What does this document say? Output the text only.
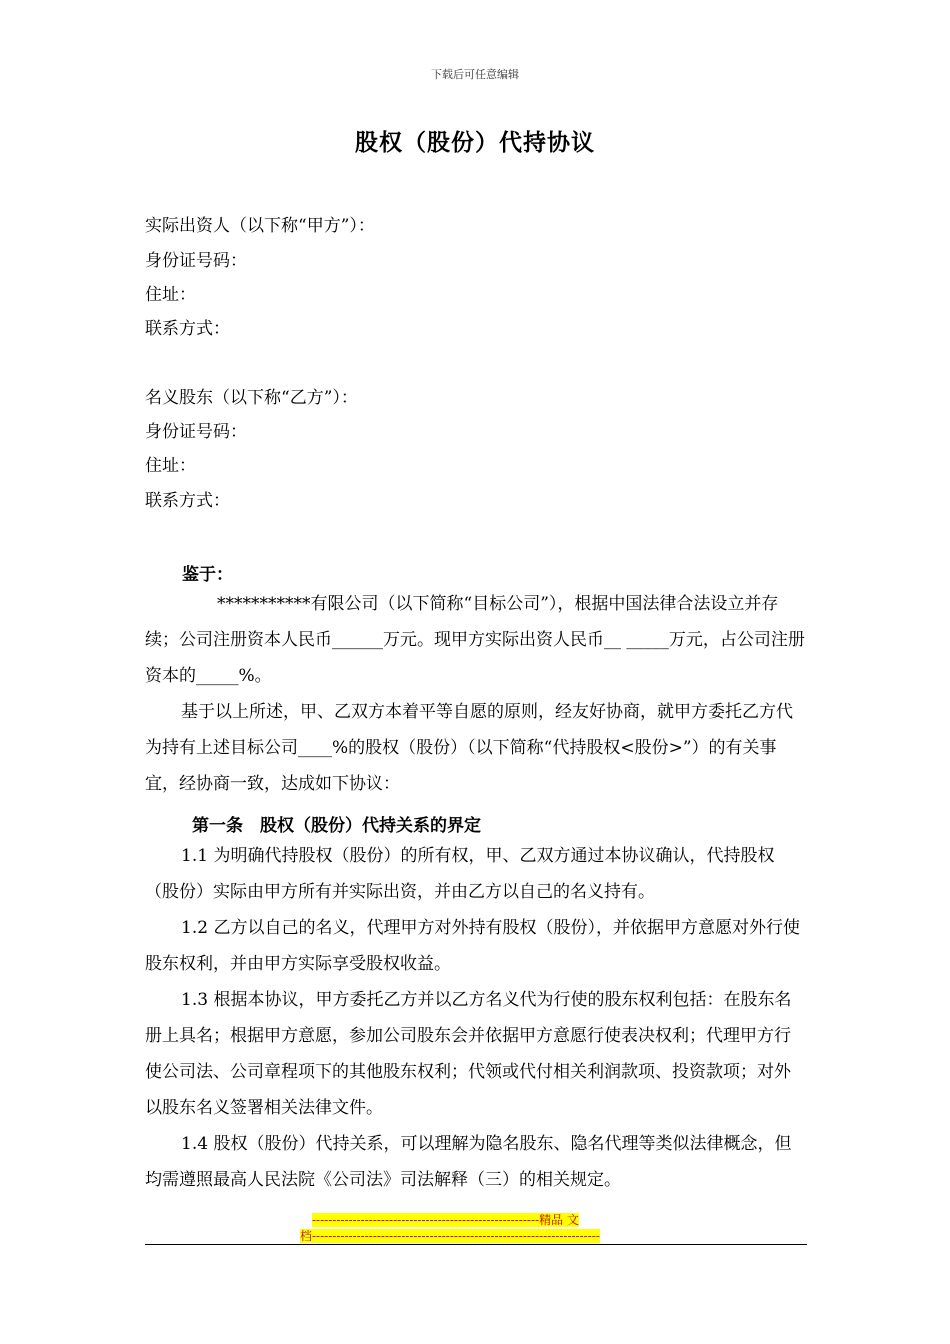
下载后可任意编辑
股权（股份）代持协议
实际出资人（以下称“甲方”）：
身份证号码：
住址：
联系方式：
名义股东（以下称“乙方”）：
身份证号码：
住址：
联系方式：
鉴于：
***********有限公司（以下简称“目标公司”），根据中国法律合法设立并存续；公司注册资本人民币______万元。现甲方实际出资人民币__ _____万元，占公司注册资本的_____%。
基于以上所述，甲、乙双方本着平等自愿的原则，经友好协商，就甲方委托乙方代为持有上述目标公司____%的股权（股份）（以下简称“代持股权<股份>”）的有关事宜，经协商一致，达成如下协议：
第一条　股权（股份）代持关系的界定
1.1 为明确代持股权（股份）的所有权，甲、乙双方通过本协议确认，代持股权（股份）实际由甲方所有并实际出资，并由乙方以自己的名义持有。
1.2 乙方以自己的名义，代理甲方对外持有股权（股份），并依据甲方意愿对外行使股东权利，并由甲方实际享受股权收益。
1.3 根据本协议，甲方委托乙方并以乙方名义代为行使的股东权利包括：在股东名册上具名；根据甲方意愿，参加公司股东会并依据甲方意愿行使表决权利；代理甲方行使公司法、公司章程项下的其他股东权利；代领或代付相关利润款项、投资款项；对外以股东名义签署相关法律文件。
1.4 股权（股份）代持关系，可以理解为隐名股东、隐名代理等类似法律概念，但均需遵照最高人民法院《公司法》司法解释（三）的相关规定。
--------------------------------------------------------精品 文
档-----------------------------------------------------------------------
